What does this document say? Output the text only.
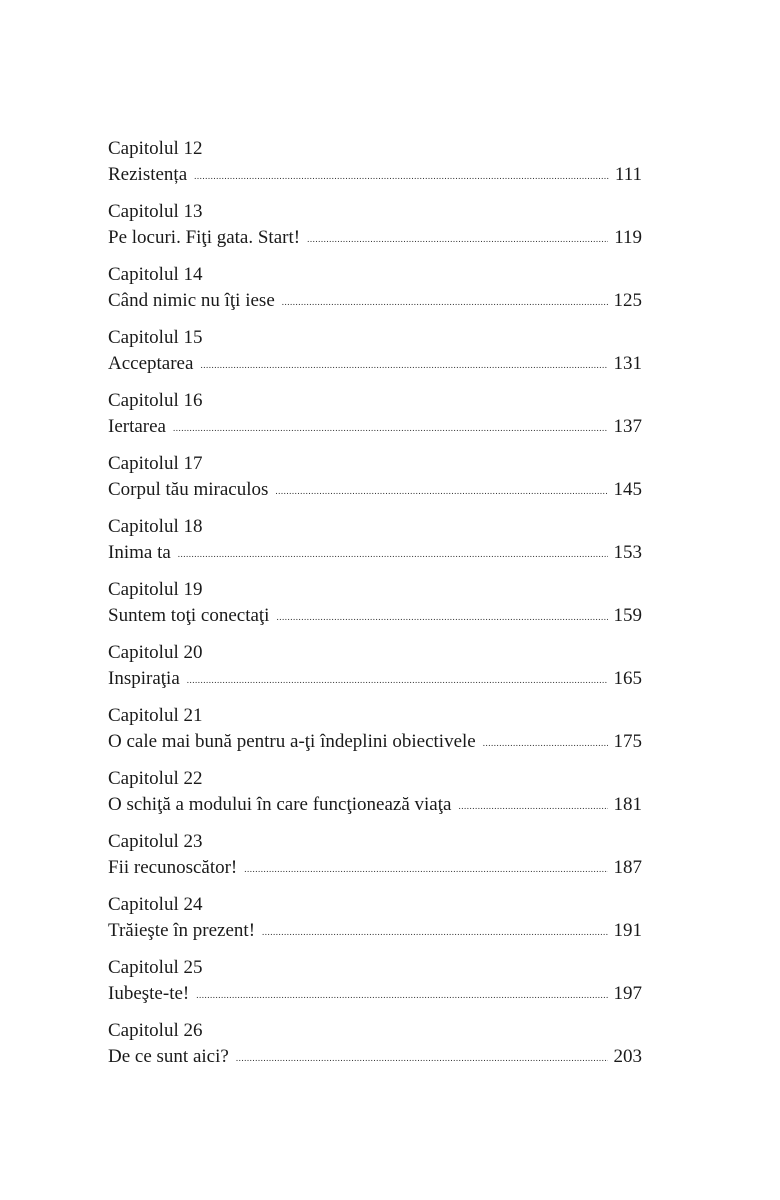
Capitolul 12
Rezistența .....	111
Capitolul 13
Pe locuri. Fiţi gata. Start! .....	119
Capitolul 14
Când nimic nu îţi iese .....	125
Capitolul 15
Acceptarea .....	131
Capitolul 16
Iertarea .....	137
Capitolul 17
Corpul tău miraculos .....	145
Capitolul 18
Inima ta .....	153
Capitolul 19
Suntem toţi conectaţi .....	159
Capitolul 20
Inspiraţia .....	165
Capitolul 21
O cale mai bună pentru a-ţi îndeplini obiectivele .....	175
Capitolul 22
O schiţă a modului în care funcţionează viaţa .....	181
Capitolul 23
Fii recunoscător! .....	187
Capitolul 24
Trăieşte în prezent! .....	191
Capitolul 25
Iubeşte-te! .....	197
Capitolul 26
De ce sunt aici? .....	203
